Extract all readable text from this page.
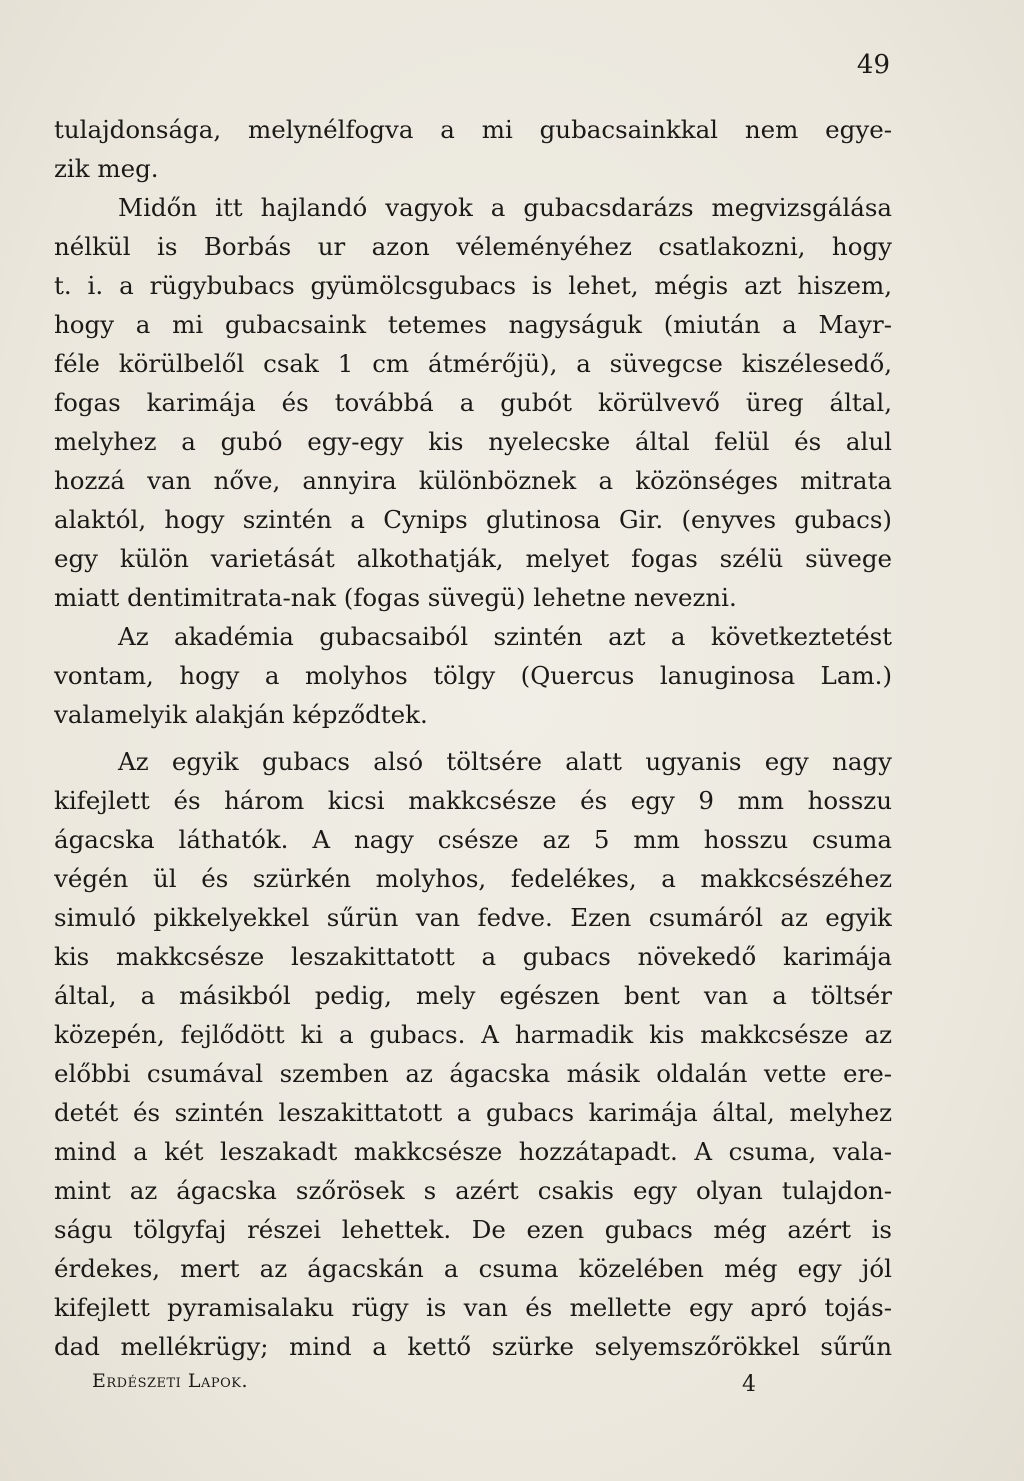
49
tulajdonsága, melynélfogva a mi gubacsainkkal nem egye-
zik meg.
Midőn itt hajlandó vagyok a gubacsdarázs megvizsgálása
nélkül is Borbás ur azon véleményéhez csatlakozni, hogy
t. i. a rügybubacs gyümölcsgubacs is lehet, mégis azt hiszem,
hogy a mi gubacsaink tetemes nagyságuk (miután a Mayr-
féle körülbelől csak 1 cm átmérőjü), a süvegcse kiszélesedő,
fogas karimája és továbbá a gubót körülvevő üreg által,
melyhez a gubó egy-egy kis nyelecske által felül és alul
hozzá van nőve, annyira különböznek a közönséges mitrata
alaktól, hogy szintén a Cynips glutinosa Gir. (enyves gubacs)
egy külön varietását alkothatják, melyet fogas szélü süvege
miatt dentimitrata-nak (fogas süvegü) lehetne nevezni.
Az akadémia gubacsaiból szintén azt a következtetést
vontam, hogy a molyhos tölgy (Quercus lanuginosa Lam.)
valamelyik alakján képződtek.
Az egyik gubacs alsó töltsére alatt ugyanis egy nagy
kifejlett és három kicsi makkcsésze és egy 9 mm hosszu
ágacska láthatók. A nagy csésze az 5 mm hosszu csuma
végén ül és szürkén molyhos, fedelékes, a makkcsészéhez
simuló pikkelyekkel sűrün van fedve. Ezen csumáról az egyik
kis makkcsésze leszakittatott a gubacs növekedő karimája
által, a másikból pedig, mely egészen bent van a töltsér
közepén, fejlődött ki a gubacs. A harmadik kis makkcsésze az
előbbi csumával szemben az ágacska másik oldalán vette ere-
detét és szintén leszakittatott a gubacs karimája által, melyhez
mind a két leszakadt makkcsésze hozzátapadt. A csuma, vala-
mint az ágacska szőrösek s azért csakis egy olyan tulajdon-
ságu tölgyfaj részei lehettek. De ezen gubacs még azért is
érdekes, mert az ágacskán a csuma közelében még egy jól
kifejlett pyramisalaku rügy is van és mellette egy apró tojás-
dad mellékrügy; mind a kettő szürke selyemszőrökkel sűrűn
Erdészeti Lapok.	4
